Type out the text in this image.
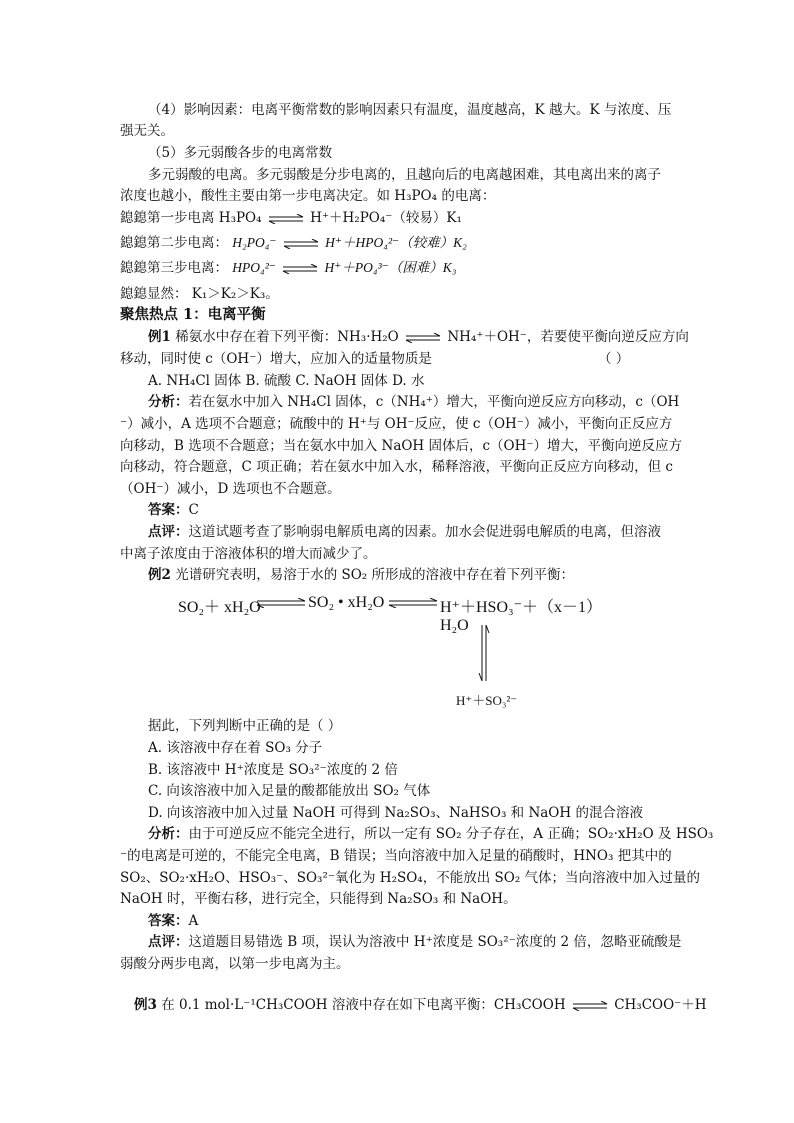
（4）影响因素：电离平衡常数的影响因素只有温度，温度越高，K 越大。K 与浓度、压
强无关。
（5）多元弱酸各步的电离常数
多元弱酸的电离。多元弱酸是分步电离的，且越向后的电离越困难，其电离出来的离子
浓度也越小，酸性主要由第一步电离决定。如 H₃PO₄ 的电离：
鎴鎴第一步电离 H₃PO₄ ⇌ H⁺＋H₂PO₄⁻（较易）K₁
鎴鎴第二步电离： H₂PO₄⁻ ⇌ H⁺＋HPO₄²⁻（较难）K₂
鎴鎴第三步电离： HPO₄²⁻ ⇌ H⁺＋PO₄³⁻（困难）K₃
鎴鎴显然： K₁＞K₂＞K₃。
聚焦热点 1：电离平衡
例1 稀氨水中存在着下列平衡：NH₃·H₂O ⇌ NH₄⁺＋OH⁻，若要使平衡向逆反应方向
移动，同时使 c（OH⁻）增大，应加入的适量物质是	（ ）
A. NH₄Cl 固体 B. 硫酸 C. NaOH 固体 D. 水
分析：若在氨水中加入 NH₄Cl 固体，c（NH₄⁺）增大，平衡向逆反应方向移动，c（OH
⁻）减小，A 选项不合题意；硫酸中的 H⁺与 OH⁻反应，使 c（OH⁻）减小，平衡向正反应方
向移动，B 选项不合题意；当在氨水中加入 NaOH 固体后，c（OH⁻）增大，平衡向逆反应方
向移动，符合题意，C 项正确；若在氨水中加入水，稀释溶液，平衡向正反应方向移动，但 c
（OH⁻）减小，D 选项也不合题意。
答案：C
点评：这道试题考查了影响弱电解质电离的因素。加水会促进弱电解质的电离，但溶液
中离子浓度由于溶液体积的增大而减少了。
例2 光谱研究表明，易溶于水的 SO₂ 所形成的溶液中存在着下列平衡：
SO₂＋ xH₂O ⇌ SO₂ • xH₂O ⇌ H⁺＋HSO₃⁻＋（x－1）H₂O
H⁺＋SO₃²⁻
据此，下列判断中正确的是（ ）
A. 该溶液中存在着 SO₃ 分子
B. 该溶液中 H⁺浓度是 SO₃²⁻浓度的 2 倍
C. 向该溶液中加入足量的酸都能放出 SO₂ 气体
D. 向该溶液中加入过量 NaOH 可得到 Na₂SO₃、NaHSO₃ 和 NaOH 的混合溶液
分析：由于可逆反应不能完全进行，所以一定有 SO₂ 分子存在，A 正确；SO₂·xH₂O 及 HSO₃
⁻的电离是可逆的，不能完全电离，B 错误；当向溶液中加入足量的硝酸时，HNO₃ 把其中的
SO₂、SO₂·xH₂O、HSO₃⁻、SO₃²⁻氧化为 H₂SO₄，不能放出 SO₂ 气体；当向溶液中加入过量的
NaOH 时，平衡右移，进行完全，只能得到 Na₂SO₃ 和 NaOH。
答案：A
点评：这道题目易错选 B 项，误认为溶液中 H⁺浓度是 SO₃²⁻浓度的 2 倍，忽略亚硫酸是
弱酸分两步电离，以第一步电离为主。
例3 在 0.1 mol·L⁻¹CH₃COOH 溶液中存在如下电离平衡：CH₃COOH ⇌ CH₃COO⁻＋H
